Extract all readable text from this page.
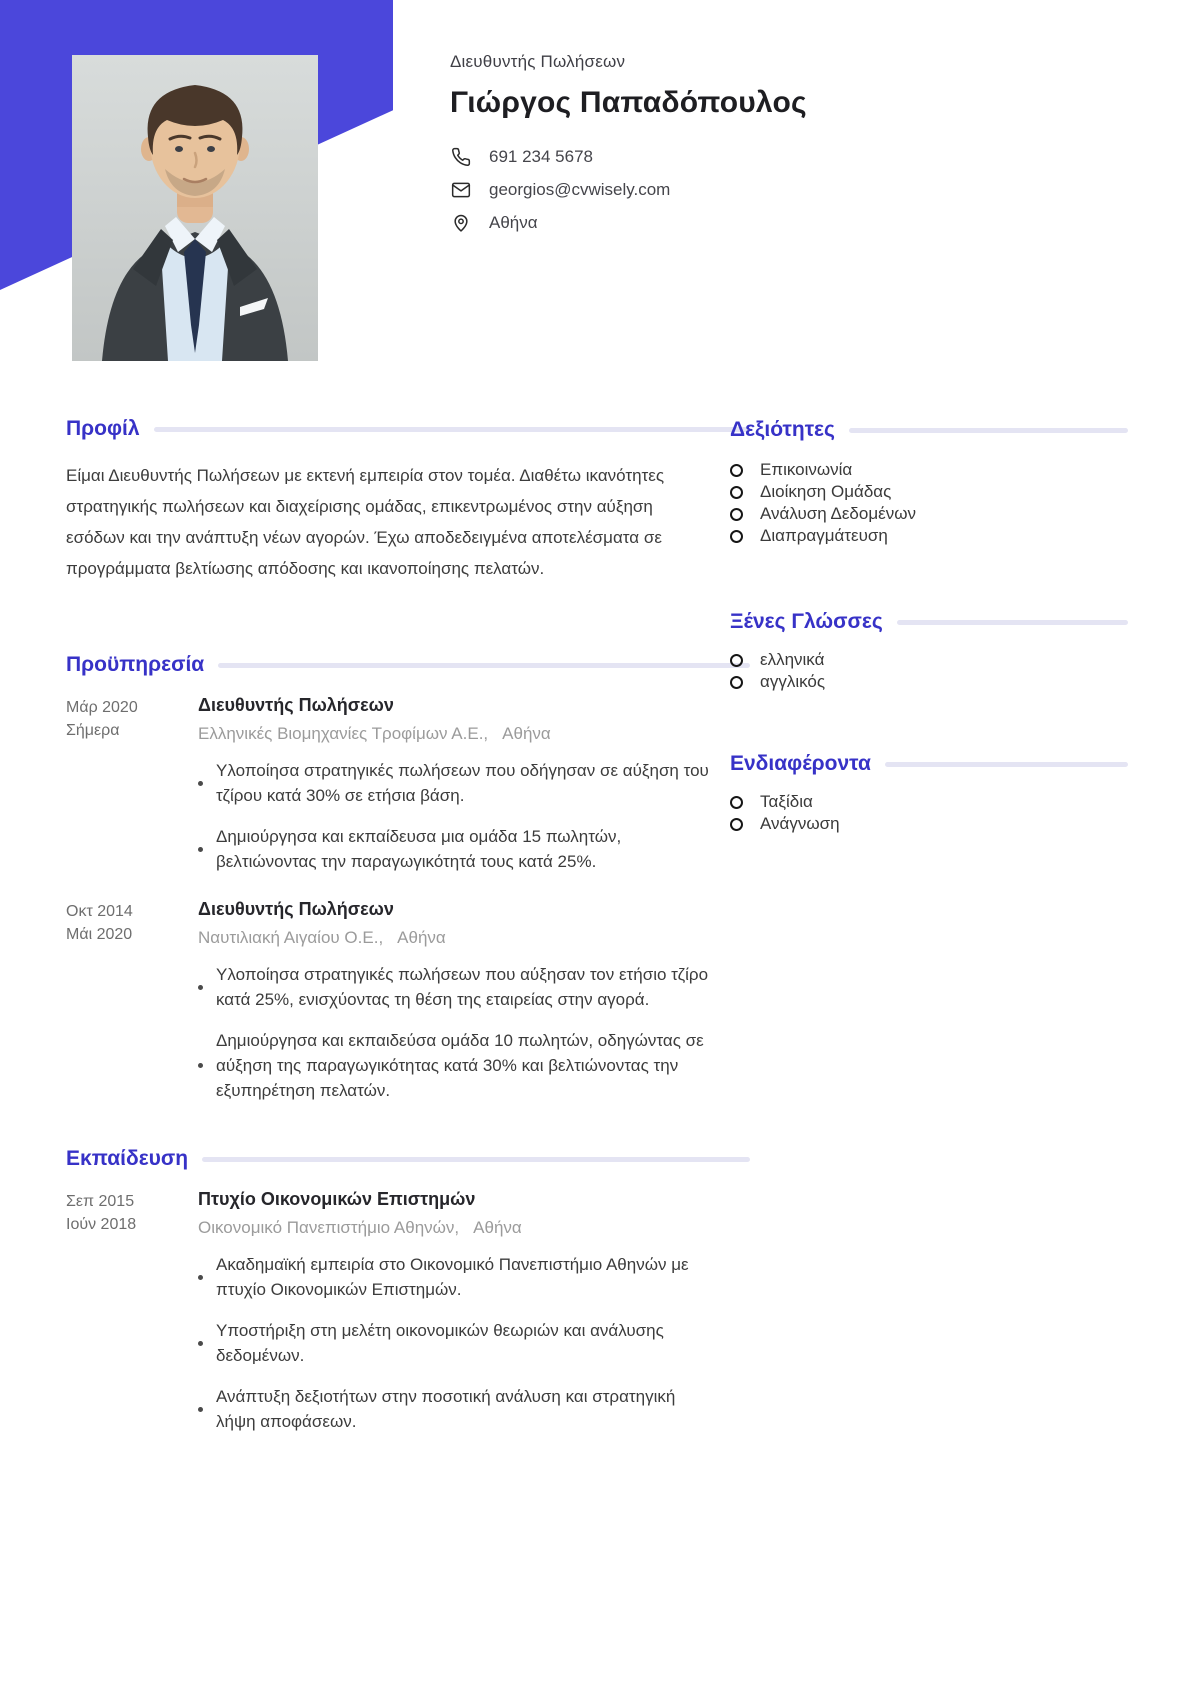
Διευθυντής Πωλήσεων
Γιώργος Παπαδόπουλος
691 234 5678
georgios@cvwisely.com
Αθήνα
Προφίλ
Είμαι Διευθυντής Πωλήσεων με εκτενή εμπειρία στον τομέα. Διαθέτω ικανότητες στρατηγικής πωλήσεων και διαχείρισης ομάδας, επικεντρωμένος στην αύξηση εσόδων και την ανάπτυξη νέων αγορών. Έχω αποδεδειγμένα αποτελέσματα σε προγράμματα βελτίωσης απόδοσης και ικανοποίησης πελατών.
Προϋπηρεσία
Μάρ 2020
Σήμερα
Διευθυντής Πωλήσεων
Ελληνικές Βιομηχανίες Τροφίμων Α.Ε., Αθήνα
Υλοποίησα στρατηγικές πωλήσεων που οδήγησαν σε αύξηση του τζίρου κατά 30% σε ετήσια βάση.
Δημιούργησα και εκπαίδευσα μια ομάδα 15 πωλητών, βελτιώνοντας την παραγωγικότητά τους κατά 25%.
Οκτ 2014
Μάι 2020
Διευθυντής Πωλήσεων
Ναυτιλιακή Αιγαίου Ο.Ε., Αθήνα
Υλοποίησα στρατηγικές πωλήσεων που αύξησαν τον ετήσιο τζίρο κατά 25%, ενισχύοντας τη θέση της εταιρείας στην αγορά.
Δημιούργησα και εκπαιδεύσα ομάδα 10 πωλητών, οδηγώντας σε αύξηση της παραγωγικότητας κατά 30% και βελτιώνοντας την εξυπηρέτηση πελατών.
Εκπαίδευση
Σεπ 2015
Ιούν 2018
Πτυχίο Οικονομικών Επιστημών
Οικονομικό Πανεπιστήμιο Αθηνών, Αθήνα
Ακαδημαϊκή εμπειρία στο Οικονομικό Πανεπιστήμιο Αθηνών με πτυχίο Οικονομικών Επιστημών.
Υποστήριξη στη μελέτη οικονομικών θεωριών και ανάλυσης δεδομένων.
Ανάπτυξη δεξιοτήτων στην ποσοτική ανάλυση και στρατηγική λήψη αποφάσεων.
Δεξιότητες
Επικοινωνία
Διοίκηση Ομάδας
Ανάλυση Δεδομένων
Διαπραγμάτευση
Ξένες Γλώσσες
ελληνικά
αγγλικός
Ενδιαφέροντα
Ταξίδια
Ανάγνωση
